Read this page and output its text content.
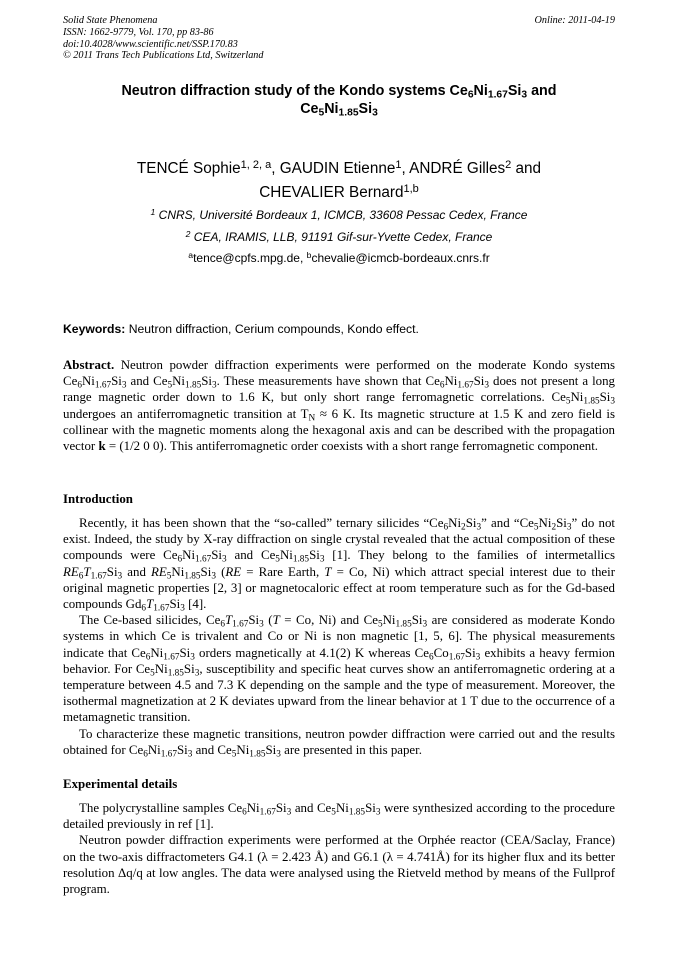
Solid State Phenomena
ISSN: 1662-9779, Vol. 170, pp 83-86
doi:10.4028/www.scientific.net/SSP.170.83
© 2011 Trans Tech Publications Ltd, Switzerland
Online: 2011-04-19
Neutron diffraction study of the Kondo systems $Ce_6Ni_{1.67}Si_3$ and
$Ce_5Ni_{1.85}Si_3$
TENCÉ Sophie$^{1, 2, a}$, GAUDIN Etienne$^1$, ANDRÉ Gilles$^2$ and
CHEVALIER Bernard$^{1,b}$
$^1$ CNRS, Université Bordeaux 1, ICMCB, 33608 Pessac Cedex, France
$^2$ CEA, IRAMIS, LLB, 91191 Gif-sur-Yvette Cedex, France
$^a$tence@cpfs.mpg.de, $^b$chevalie@icmcb-bordeaux.cnrs.fr
Keywords: Neutron diffraction, Cerium compounds, Kondo effect.

Abstract. Neutron powder diffraction experiments were performed on the moderate Kondo systems $Ce_6Ni_{1.67}Si_3$ and $Ce_5Ni_{1.85}Si_3$. These measurements have shown that $Ce_6Ni_{1.67}Si_3$ does not present a long range magnetic order down to 1.6 K, but only short range ferromagnetic correlations. $Ce_5Ni_{1.85}Si_3$ undergoes an antiferromagnetic transition at $T_N \approx 6$ K. Its magnetic structure at 1.5 K and zero field is collinear with the magnetic moments along the hexagonal axis and can be described with the propagation vector k = (1/2 0 0). This antiferromagnetic order coexists with a short range ferromagnetic component.

Introduction

Recently, it has been shown that the “so-called” ternary silicides “$Ce_6Ni_2Si_3$” and “$Ce_5Ni_2Si_3$” do not exist. Indeed, the study by X-ray diffraction on single crystal revealed that the actual composition of these compounds were $Ce_6Ni_{1.67}Si_3$ and $Ce_5Ni_{1.85}Si_3$ [1]. They belong to the families of intermetallics $RE_6T_{1.67}Si_3$ and $RE_5Ni_{1.85}Si_3$ (RE = Rare Earth, T = Co, Ni) which attract special interest due to their original magnetic properties [2, 3] or magnetocaloric effect at room temperature such as for the Gd-based compounds $Gd_6T_{1.67}Si_3$ [4].

The Ce-based silicides, $Ce_6T_{1.67}Si_3$ (T = Co, Ni) and $Ce_5Ni_{1.85}Si_3$ are considered as moderate Kondo systems in which Ce is trivalent and Co or Ni is non magnetic [1, 5, 6]. The physical measurements indicate that $Ce_6Ni_{1.67}Si_3$ orders magnetically at 4.1(2) K whereas $Ce_6Co_{1.67}Si_3$ exhibits a heavy fermion behavior. For $Ce_5Ni_{1.85}Si_3$, susceptibility and specific heat curves show an antiferromagnetic ordering at a temperature between 4.5 and 7.3 K depending on the sample and the type of measurement. Moreover, the isothermal magnetization at 2 K deviates upward from the linear behavior at 1 T due to the occurrence of a metamagnetic transition.

To characterize these magnetic transitions, neutron powder diffraction were carried out and the results obtained for $Ce_6Ni_{1.67}Si_3$ and $Ce_5Ni_{1.85}Si_3$ are presented in this paper.

Experimental details

The polycrystalline samples $Ce_6Ni_{1.67}Si_3$ and $Ce_5Ni_{1.85}Si_3$ were synthesized according to the procedure detailed previously in ref [1].

Neutron powder diffraction experiments were performed at the Orphée reactor (CEA/Saclay, France) on the two-axis diffractometers G4.1 (λ = 2.423 Å) and G6.1 (λ = 4.741Å) for its higher flux and its better resolution Δq/q at low angles. The data were analysed using the Rietveld method by means of the Fullprof program.
